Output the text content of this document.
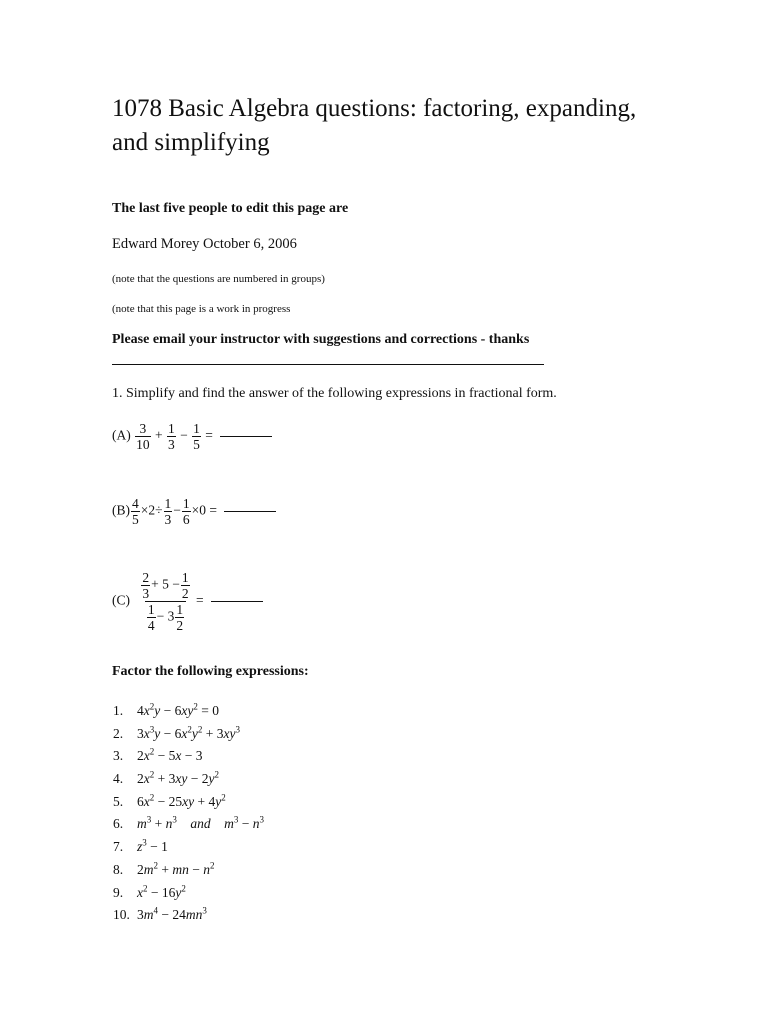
1078 Basic Algebra questions: factoring, expanding, and simplifying
The last five people to edit this page are
Edward Morey October 6, 2006
(note that the questions are numbered in groups)
(note that this page is a work in progress
Please email your instructor with suggestions and corrections - thanks
1. Simplify and find the answer of the following expressions in fractional form.
$(A) \frac{3}{10} + \frac{1}{3} - \frac{1}{5}$ =
$(B) \frac{4}{5} \times 2\div \frac{1}{3} - \frac{1}{6} \times 0$ =
$(C) \frac{\frac{2}{3} + 5 - \frac{1}{2}}{\frac{1}{4} - 3 \frac{1}{2}}$ =
Factor the following expressions:
1. $4x^2y - 6xy^2 = 0$
2. $3x^3y - 6x^2y^2 + 3xy^3$
3. $2x^2 - 5x - 3$
4. $2x^2 + 3xy - 2y^2$
5. $6x^2 - 25xy + 4y^2$
6. $m^3 + n^3$ and $m^3 - n^3$
7. $z^3 - 1$
8. $2m^2$ + mn − $n^2$
9. $x^2 - 16y^2$
10. $3m^4 - 24mn^3$
